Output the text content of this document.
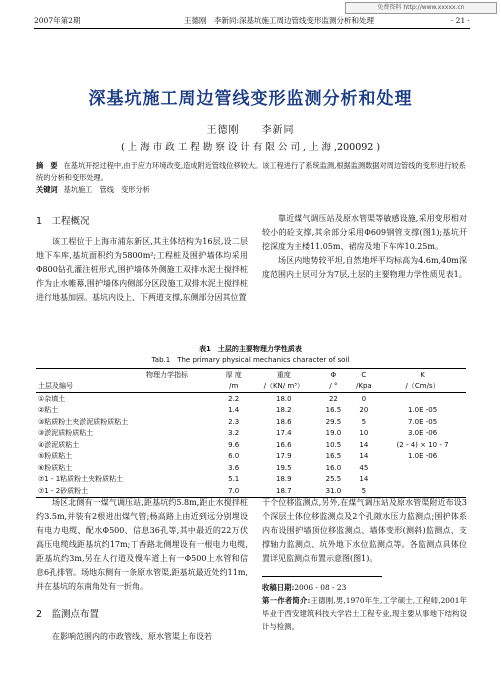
免费资料 http://www.xxxxx.cn
2007年第2期	王德刚　李新同:深基坑施工周边管线变形监测分析和处理	· 21 ·
深基坑施工周边管线变形监测分析和处理
王德刚　　李新同
( 上 海 市 政 工 程 勘 察 设 计 有 限 公 司 , 上 海 ,200092 )
摘　要 在基坑开挖过程中,由于应力环境改变,造成附近管线位移较大。该工程进行了系统监测,根据监测数据对周边管线的变形进行较系统的分析和变形处理。
关键词 基坑施工　管线　变形分析
1　工程概况
该工程位于上海市浦东新区,其主体结构为16层,设二层地下车库,基坑面积约为5800m²;工程桩及围护墙体均采用Φ800钻孔灌注桩形式,围护墙体外侧施工双排水泥土搅拌桩作为止水帷幕,围护墙体内侧部分区段施工双排水泥土搅拌桩进行地基加固。基坑内设上、下两道支撑,东侧部分因其位置
靠近煤气调压站及原水管渠等敏感设施,采用变形相对较小的砼支撑,其余部分采用Φ609钢管支撑(图1);基坑开挖深度为主楼11.05m、裙房及地下车库10.25m。
场区内地势较平坦,自然地坪平均标高为4.6m,40m深度范围内土层可分为7层,土层的主要物理力学性质见表1。
表1　土层的主要物理力学性质表
Tab.1　The primary physical mechanics character of soil
物理力学指标	厚 度	重度	Φ	C	K
土层及编号	/m	/（KN/ m³）	/ °	/Kpa	/（Cm/s）
①杂填土	2.2	18.0	22	0	
②粘土	1.4	18.2	16.5	20	1.0E -05
③粘质粉土夹淤泥质粉质粘土	2.3	18.6	29.5	5	7.0E -05
③淤泥质粉质粘土	3.2	17.4	19.0	10	3.0E -06
④淤泥质粘土	9.6	16.6	10.5	14	(2 - 4) × 10 - 7
⑤粉质粘土	6.0	17.9	16.5	14	1.0E -06
⑥粉质粘土	3.6	19.5	16.0	45	
⑦1 - 1粘质粉土夹粉质粘土	5.1	18.9	25.5	14	
⑦1 - 2砂质粉土	7.0	18.7	31.0	5	
场区北侧有一煤气调压站,距基坑约5.8m,距止水搅拌桩约3.5m,并装有2根进出煤气管;杨高路上由近到远分别埋设有电力电缆、配水Φ500、信息36孔等,其中最近的22万伏高压电缆线距基坑约17m;丁香路北侧埋设有一根电力电缆,距基坑约3m,另在人行道及慢车道上有一Φ500上水管和信息6孔排管。场地东侧有一条原水管渠,距基坑最近处约11m,并在基坑的东南角处有一折角。
2　监测点布置
在影响范围内的市政管线、原水管渠上布设若
干个位移监测点,另外,在煤气调压站及原水管渠附近布设3个深层土体位移监测点及2个孔隙水压力监测点;围护体系内布设围护墙顶位移监测点、墙体变形(测斜)监测点、支撑轴力监测点、坑外地下水位监测点等。各监测点具体位置详见监测点布置示意图(图1)。
收稿日期:2006 - 08 - 23
第一作者简介:王德刚,男,1970年生,工学硕士,工程师,2001年毕业于西安建筑科技大学岩土工程专业,现主要从事地下结构设计与检测。
